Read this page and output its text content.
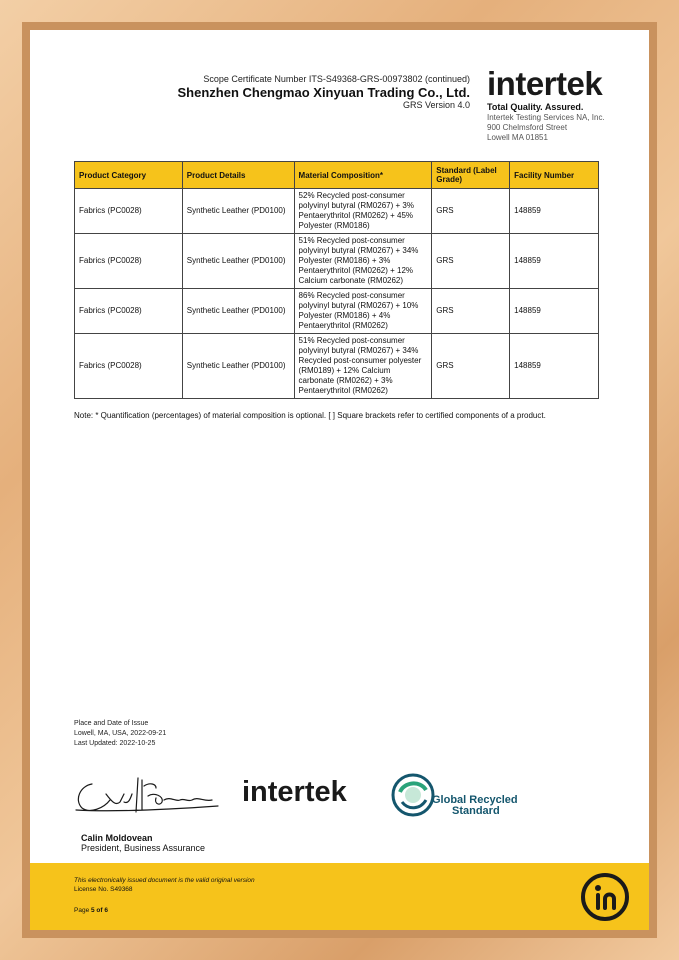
Scope Certificate Number ITS-S49368-GRS-00973802 (continued)
Shenzhen Chengmao Xinyuan Trading Co., Ltd.
GRS Version 4.0
intertek
Total Quality. Assured.
Intertek Testing Services NA, Inc.
900 Chelmsford Street
Lowell MA 01851
Product Category	Product Details	Material Composition*	Standard (Label Grade)	Facility Number
Fabrics (PC0028)	Synthetic Leather (PD0100)	52% Recycled post-consumer polyvinyl butyral (RM0267) + 3% Pentaerythritol (RM0262) + 45% Polyester (RM0186)	GRS	148859
Fabrics (PC0028)	Synthetic Leather (PD0100)	51% Recycled post-consumer polyvinyl butyral (RM0267) + 34% Polyester (RM0186) + 3% Pentaerythritol (RM0262) + 12% Calcium carbonate (RM0262)	GRS	148859
Fabrics (PC0028)	Synthetic Leather (PD0100)	86% Recycled post-consumer polyvinyl butyral (RM0267) + 10% Polyester (RM0186) + 4% Pentaerythritol (RM0262)	GRS	148859
Fabrics (PC0028)	Synthetic Leather (PD0100)	51% Recycled post-consumer polyvinyl butyral (RM0267) + 34% Recycled post-consumer polyester (RM0189) + 12% Calcium carbonate (RM0262) + 3% Pentaerythritol (RM0262)	GRS	148859
Note: * Quantification (percentages) of material composition is optional. [ ] Square brackets refer to certified components of a product.
Place and Date of Issue
Lowell, MA, USA, 2022-09-21
Last Updated: 2022-10-25
intertek	Global Recycled
Standard
Calin Moldovean
President, Business Assurance
This electronically issued document is the valid original version
License No. S49368
Page 5 of 6
